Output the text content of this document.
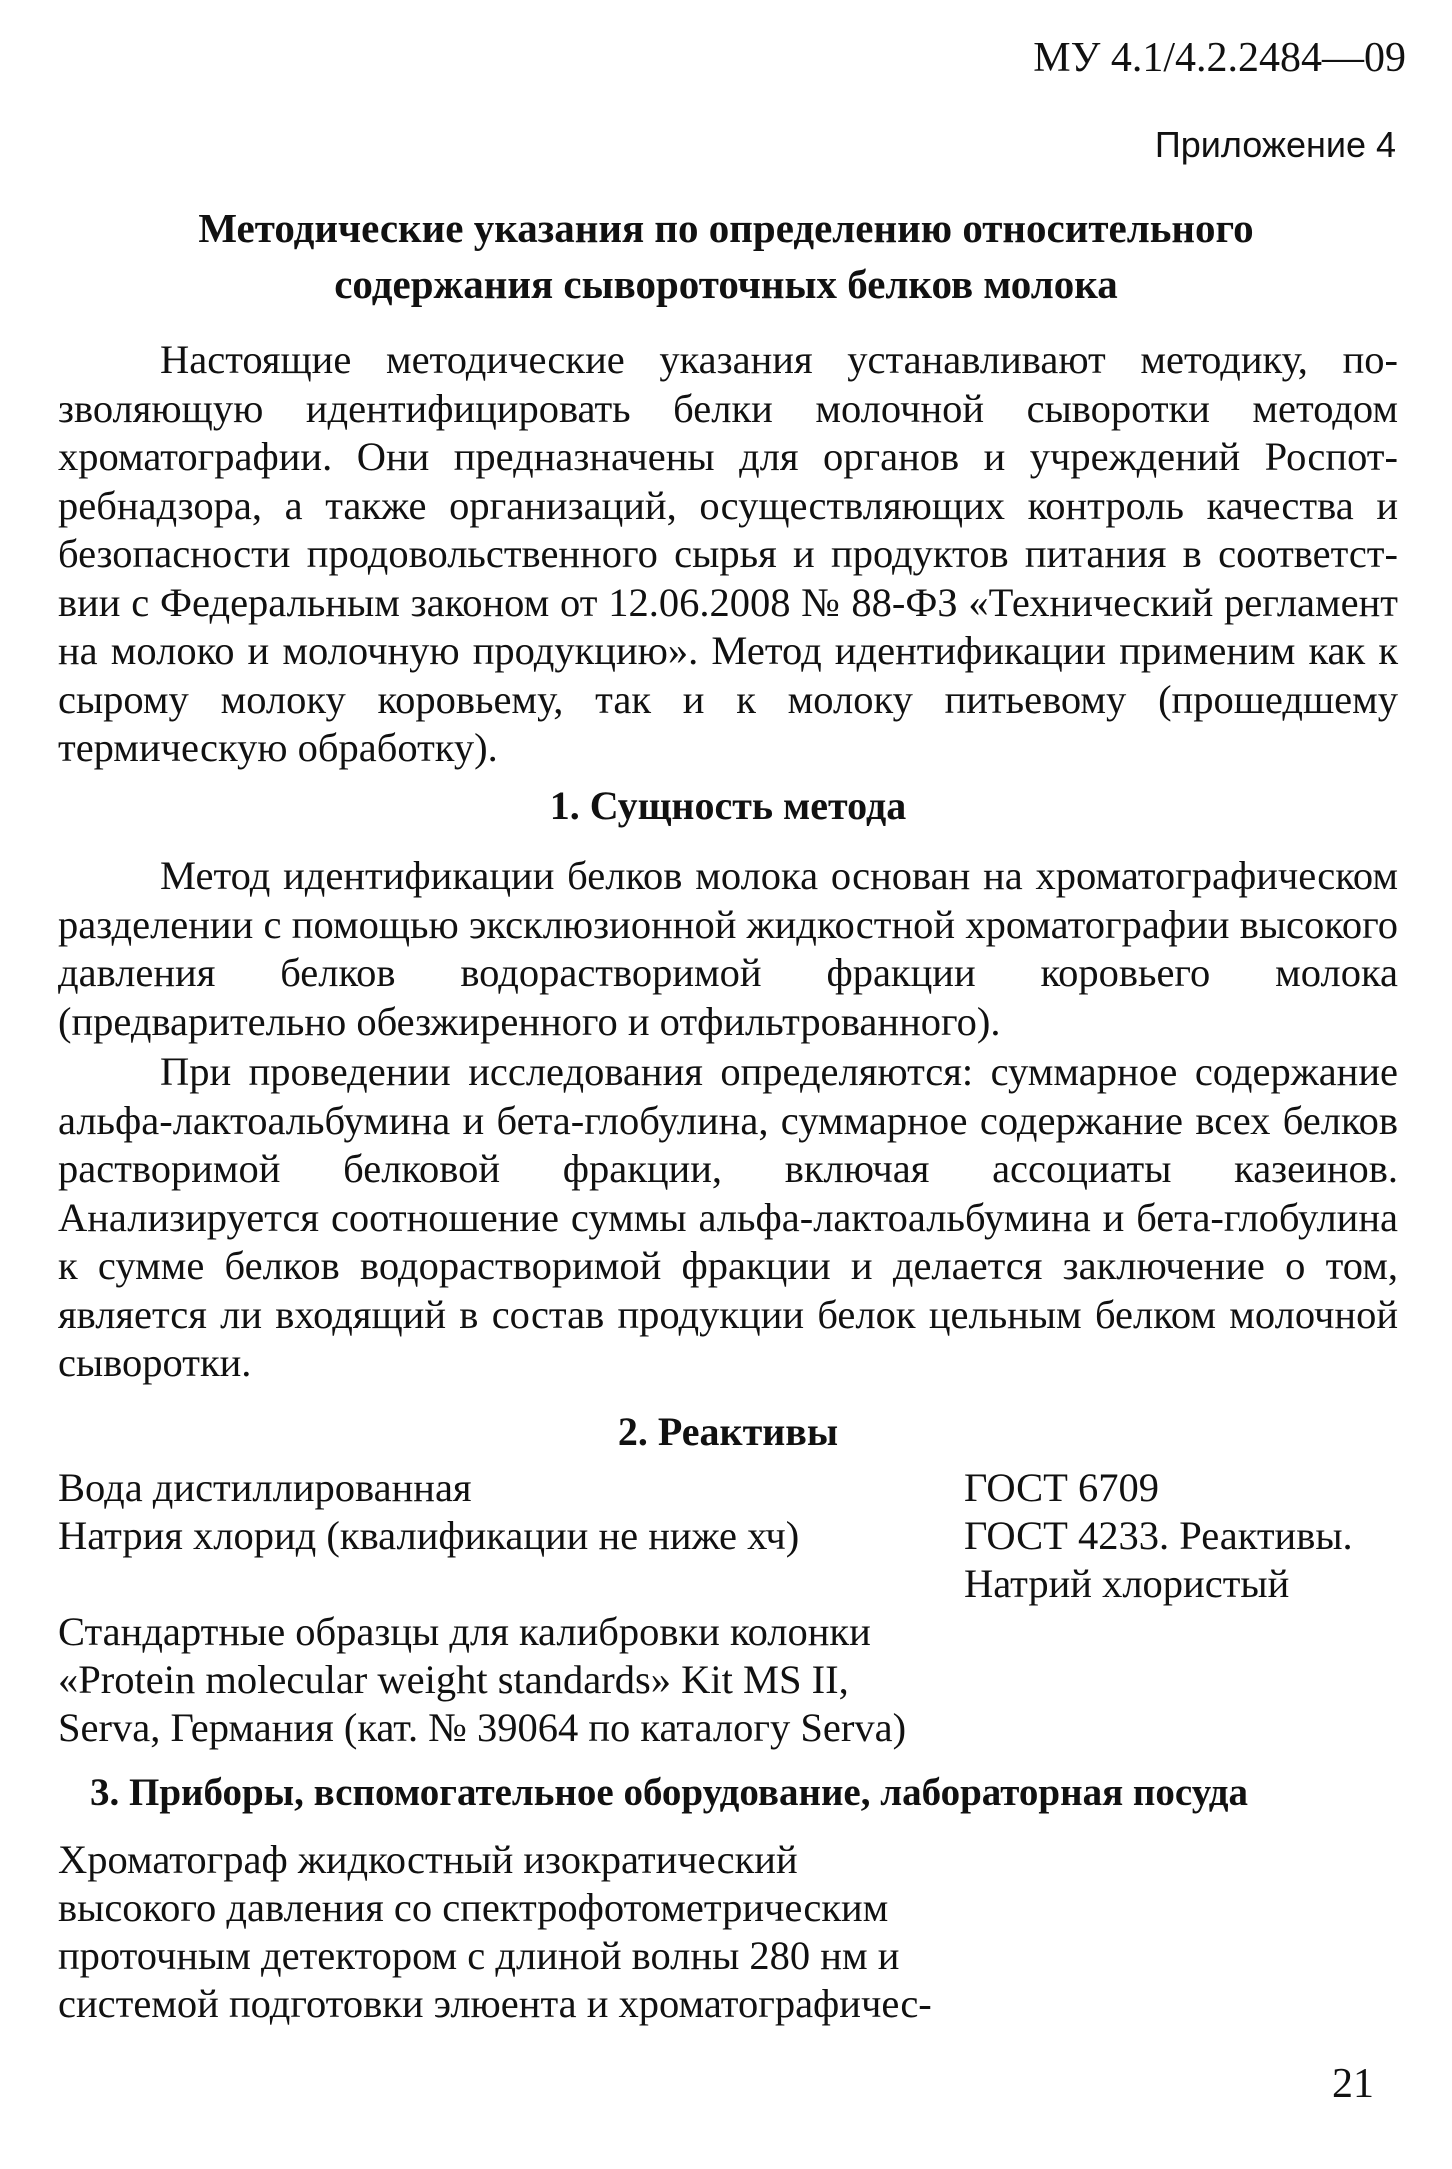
МУ 4.1/4.2.2484—09
Приложение 4
Методические указания по определению относительного
содержания сывороточных белков молока

Настоящие методические указания устанавливают методику, позволяющую идентифицировать белки молочной сыворотки методом хроматографии. Они предназначены для органов и учреждений Роспотребнадзора, а также организаций, осуществляющих контроль качества и безопасности продовольственного сырья и продуктов питания в соответствии с Федеральным законом от 12.06.2008 № 88-ФЗ «Технический регламент на молоко и молочную продукцию». Метод идентификации применим как к сырому молоку коровьему, так и к молоку питьевому (прошедшему термическую обработку).

1. Сущность метода

Метод идентификации белков молока основан на хроматографическом разделении с помощью эксклюзионной жидкостной хроматографии высокого давления белков водорастворимой фракции коровьего молока (предварительно обезжиренного и отфильтрованного).

При проведении исследования определяются: суммарное содержание альфа-лактоальбумина и бета-глобулина, суммарное содержание всех белков растворимой белковой фракции, включая ассоциаты казеинов. Анализируется соотношение суммы альфа-лактоальбумина и бета-глобулина к сумме белков водорастворимой фракции и делается заключение о том, является ли входящий в состав продукции белок цельным белком молочной сыворотки.

2. Реактивы
Вода дистиллированная	ГОСТ 6709
Натрия хлорид (квалификации не ниже хч)	ГОСТ 4233. Реактивы.
Натрий хлористый
Стандартные образцы для калибровки колонки
«Protein molecular weight standards» Kit MS II,
Serva, Германия (кат. № 39064 по каталогу Serva)
3. Приборы, вспомогательное оборудование, лабораторная посуда
Хроматограф жидкостный изократический
высокого давления со спектрофотометрическим
проточным детектором с длиной волны 280 нм и
системой подготовки элюента и хроматографичес-
21
